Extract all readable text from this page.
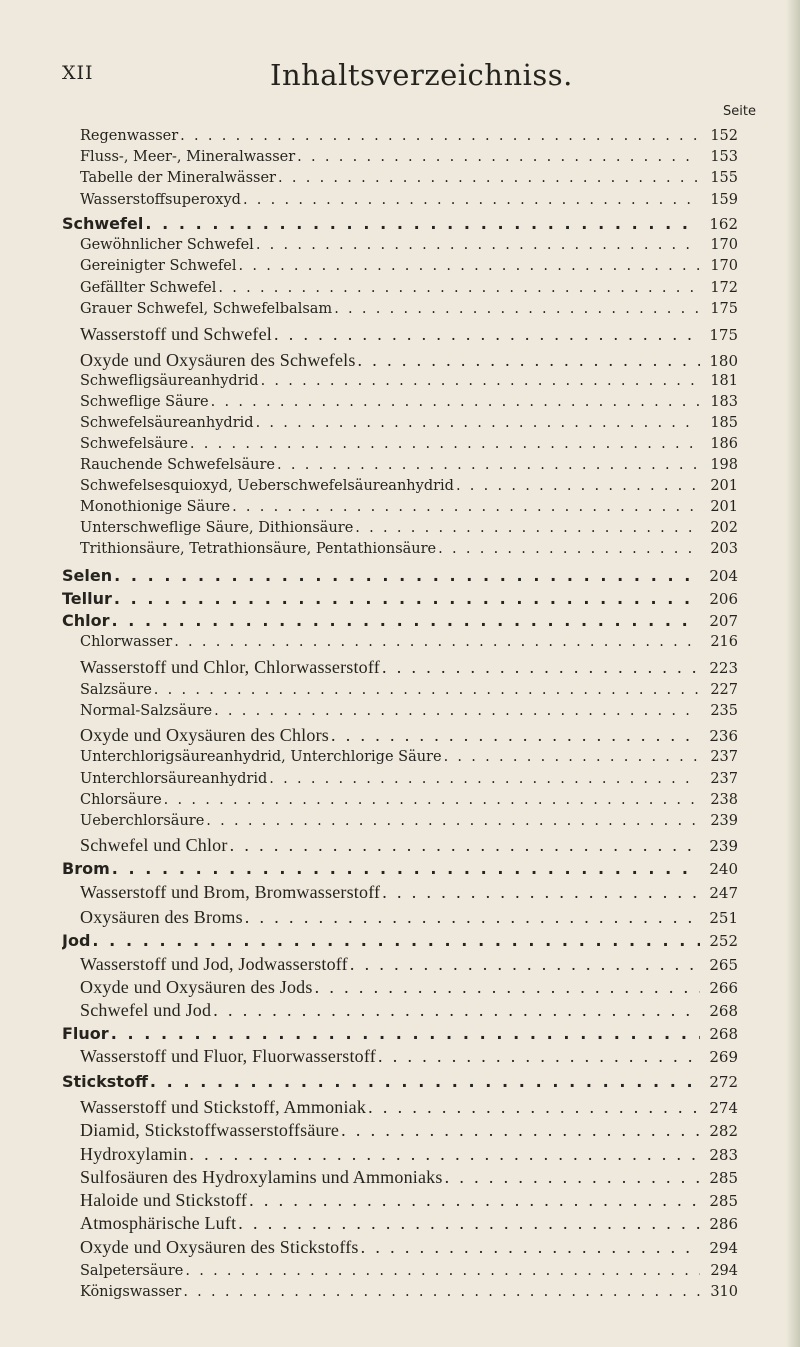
XII	Inhaltsverzeichniss.
Seite
Regenwasser . . .	152
Fluss-, Meer-, Mineralwasser . . .	153
Tabelle der Mineralwässer . . .	155
Wasserstoffsuperoxyd . . .	159
Schwefel . . .	162
Gewöhnlicher Schwefel . . .	170
Gereinigter Schwefel . . .	170
Gefällter Schwefel . . .	172
Grauer Schwefel, Schwefelbalsam . . .	175
Wasserstoff und Schwefel . . .	175
Oxyde und Oxysäuren des Schwefels . . .	180
Schwefligsäureanhydrid . . .	181
Schweflige Säure . . .	183
Schwefelsäureanhydrid . . .	185
Schwefelsäure . . .	186
Rauchende Schwefelsäure . . .	198
Schwefelsesquioxyd, Ueberschwefelsäureanhydrid . . .	201
Monothionige Säure . . .	201
Unterschweflige Säure, Dithionsäure . . .	202
Trithionsäure, Tetrathionsäure, Pentathionsäure . . .	203
Selen . . .	204
Tellur . . .	206
Chlor . . .	207
Chlorwasser . . .	216
Wasserstoff und Chlor, Chlorwasserstoff . . .	223
Salzsäure . . .	227
Normal-Salzsäure . . .	235
Oxyde und Oxysäuren des Chlors . . .	236
Unterchlorigsäureanhydrid, Unterchlorige Säure . . .	237
Unterchlorsäureanhydrid . . .	237
Chlorsäure . . .	238
Ueberchlorsäure . . .	239
Schwefel und Chlor . . .	239
Brom . . .	240
Wasserstoff und Brom, Bromwasserstoff . . .	247
Oxysäuren des Broms . . .	251
Jod . . .	252
Wasserstoff und Jod, Jodwasserstoff . . .	265
Oxyde und Oxysäuren des Jods . . .	266
Schwefel und Jod . . .	268
Fluor . . .	268
Wasserstoff und Fluor, Fluorwasserstoff . . .	269
Stickstoff . . .	272
Wasserstoff und Stickstoff, Ammoniak . . .	274
Diamid, Stickstoffwasserstoffsäure . . .	282
Hydroxylamin . . .	283
Sulfosäuren des Hydroxylamins und Ammoniaks . . .	285
Haloide und Stickstoff . . .	285
Atmosphärische Luft . . .	286
Oxyde und Oxysäuren des Stickstoffs . . .	294
Salpetersäure . . .	294
Königswasser . . .	310
